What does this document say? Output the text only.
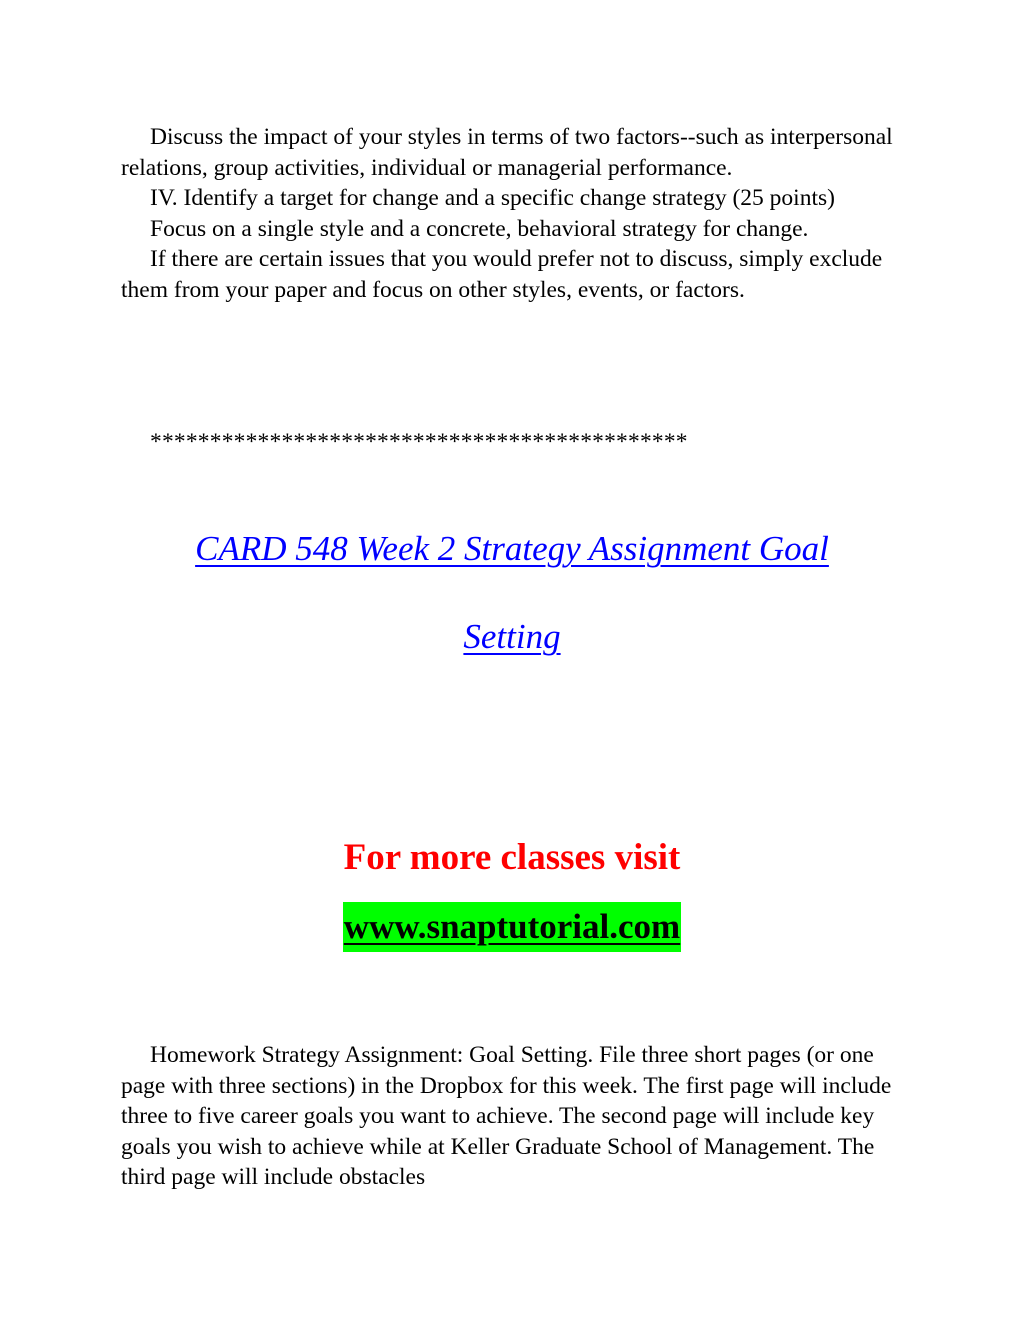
Discuss the impact of your styles in terms of two factors--such as interpersonal relations, group activities, individual or managerial performance.

IV. Identify a target for change and a specific change strategy (25 points)

Focus on a single style and a concrete, behavioral strategy for change.

If there are certain issues that you would prefer not to discuss, simply exclude them from your paper and focus on other styles, events, or factors.

*********************************************
CARD 548 Week 2 Strategy Assignment Goal
Setting
For more classes visit
www.snaptutorial.com

Homework Strategy Assignment: Goal Setting. File three short pages (or one page with three sections) in the Dropbox for this week. The first page will include three to five career goals you want to achieve. The second page will include key goals you wish to achieve while at Keller Graduate School of Management. The third page will include obstacles
